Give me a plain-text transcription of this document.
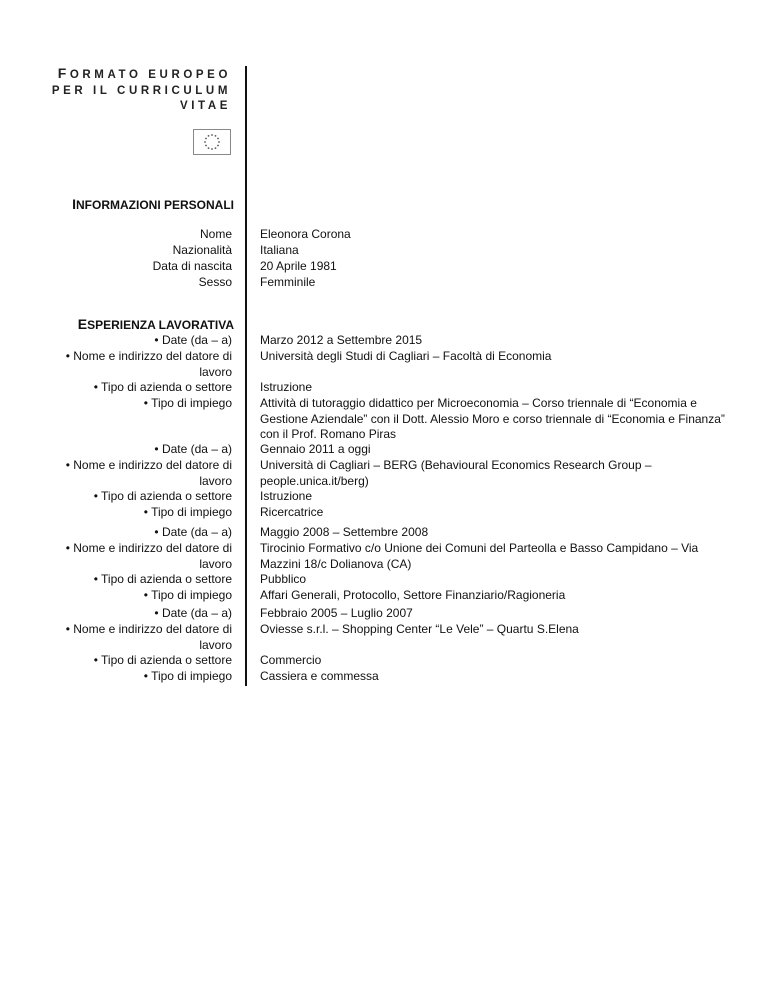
FORMATO EUROPEO
PER IL CURRICULUM
VITAE
INFORMAZIONI PERSONALI
Nome Eleonora Corona
Nazionalità Italiana
Data di nascita 20 Aprile 1981
Sesso Femminile
ESPERIENZA LAVORATIVA
• Date (da – a)
• Nome e indirizzo del datore di lavoro
• Tipo di azienda o settore
• Tipo di impiego
Marzo 2012 a Settembre 2015
Università degli Studi di Cagliari – Facoltà di Economia
Istruzione
Attività di tutoraggio didattico per Microeconomia – Corso triennale di “Economia e Gestione Aziendale” con il Dott. Alessio Moro e corso triennale di “Economia e Finanza” con il Prof. Romano Piras
• Date (da – a)
• Nome e indirizzo del datore di lavoro
• Tipo di azienda o settore
• Tipo di impiego
Gennaio 2011 a oggi
Università di Cagliari – BERG (Behavioural Economics Research Group – people.unica.it/berg)
Istruzione
Ricercatrice
• Date (da – a)
• Nome e indirizzo del datore di lavoro
• Tipo di azienda o settore
• Tipo di impiego
Maggio 2008 – Settembre 2008
Tirocinio Formativo c/o Unione dei Comuni del Parteolla e Basso Campidano – Via Mazzini 18/c Dolianova (CA)
Pubblico
Affari Generali, Protocollo, Settore Finanziario/Ragioneria
• Date (da – a)
• Nome e indirizzo del datore di lavoro
• Tipo di azienda o settore
• Tipo di impiego
Febbraio 2005 – Luglio 2007
Oviesse s.r.l. – Shopping Center “Le Vele” – Quartu S.Elena
Commercio
Cassiera e commessa
